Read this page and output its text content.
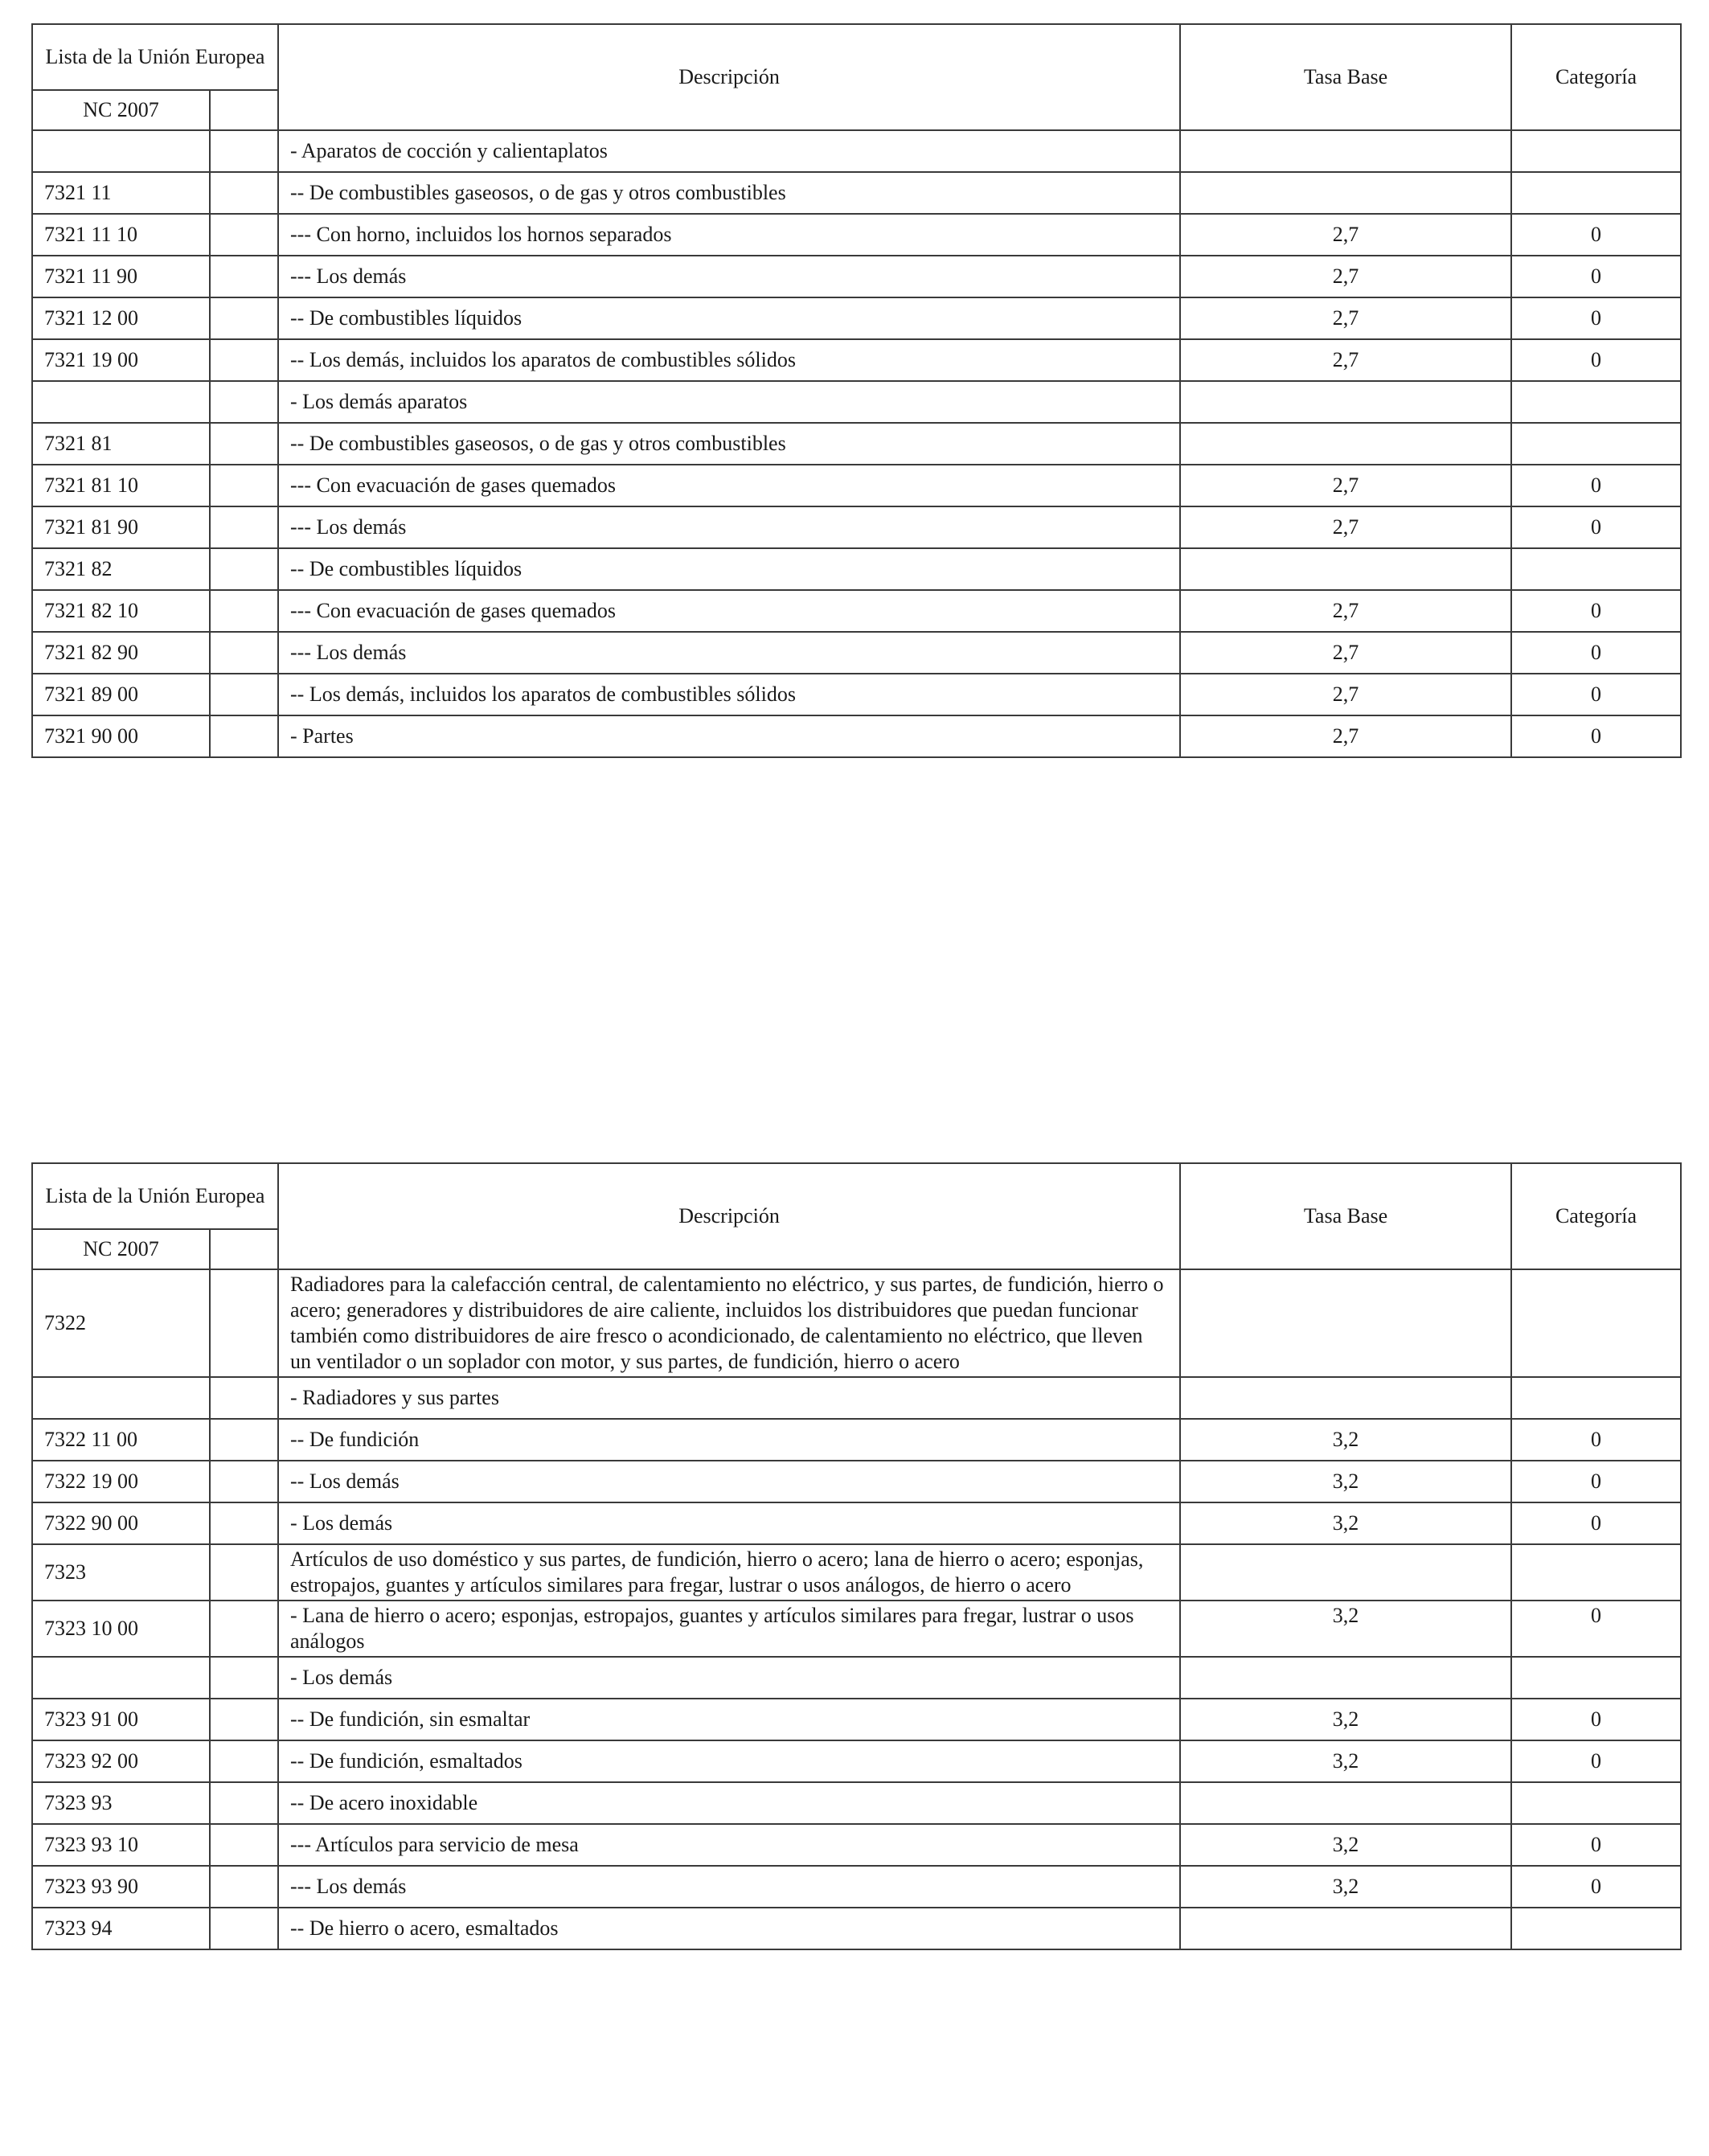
Lista de la Unión Europea		Descripción	Tasa Base	Categoría
NC 2007				
		- Aparatos de cocción y calientaplatos		
7321 11		-- De combustibles gaseosos, o de gas y otros combustibles		
7321 11 10		--- Con horno, incluidos los hornos separados	2,7	0
7321 11 90		--- Los demás	2,7	0
7321 12 00		-- De combustibles líquidos	2,7	0
7321 19 00		-- Los demás, incluidos los aparatos de combustibles sólidos	2,7	0
		- Los demás aparatos		
7321 81		-- De combustibles gaseosos, o de gas y otros combustibles		
7321 81 10		--- Con evacuación de gases quemados	2,7	0
7321 81 90		--- Los demás	2,7	0
7321 82		-- De combustibles líquidos		
7321 82 10		--- Con evacuación de gases quemados	2,7	0
7321 82 90		--- Los demás	2,7	0
7321 89 00		-- Los demás, incluidos los aparatos de combustibles sólidos	2,7	0
7321 90 00		- Partes	2,7	0
Lista de la Unión Europea		Descripción	Tasa Base	Categoría
NC 2007				
7322		Radiadores para la calefacción central, de calentamiento no eléctrico, y sus partes, de fundición, hierro o acero; generadores y distribuidores de aire caliente, incluidos los distribuidores que puedan funcionar también como distribuidores de aire fresco o acondicionado, de calentamiento no eléctrico, que lleven un ventilador o un soplador con motor, y sus partes, de fundición, hierro o acero		
		- Radiadores y sus partes		
7322 11 00		-- De fundición	3,2	0
7322 19 00		-- Los demás	3,2	0
7322 90 00		- Los demás	3,2	0
7323		Artículos de uso doméstico y sus partes, de fundición, hierro o acero; lana de hierro o acero; esponjas, estropajos, guantes y artículos similares para fregar, lustrar o usos análogos, de hierro o acero		
7323 10 00		- Lana de hierro o acero; esponjas, estropajos, guantes y artículos similares para fregar, lustrar o usos análogos	3,2	0
		- Los demás		
7323 91 00		-- De fundición, sin esmaltar	3,2	0
7323 92 00		-- De fundición, esmaltados	3,2	0
7323 93		-- De acero inoxidable		
7323 93 10		--- Artículos para servicio de mesa	3,2	0
7323 93 90		--- Los demás	3,2	0
7323 94		-- De hierro o acero, esmaltados		
